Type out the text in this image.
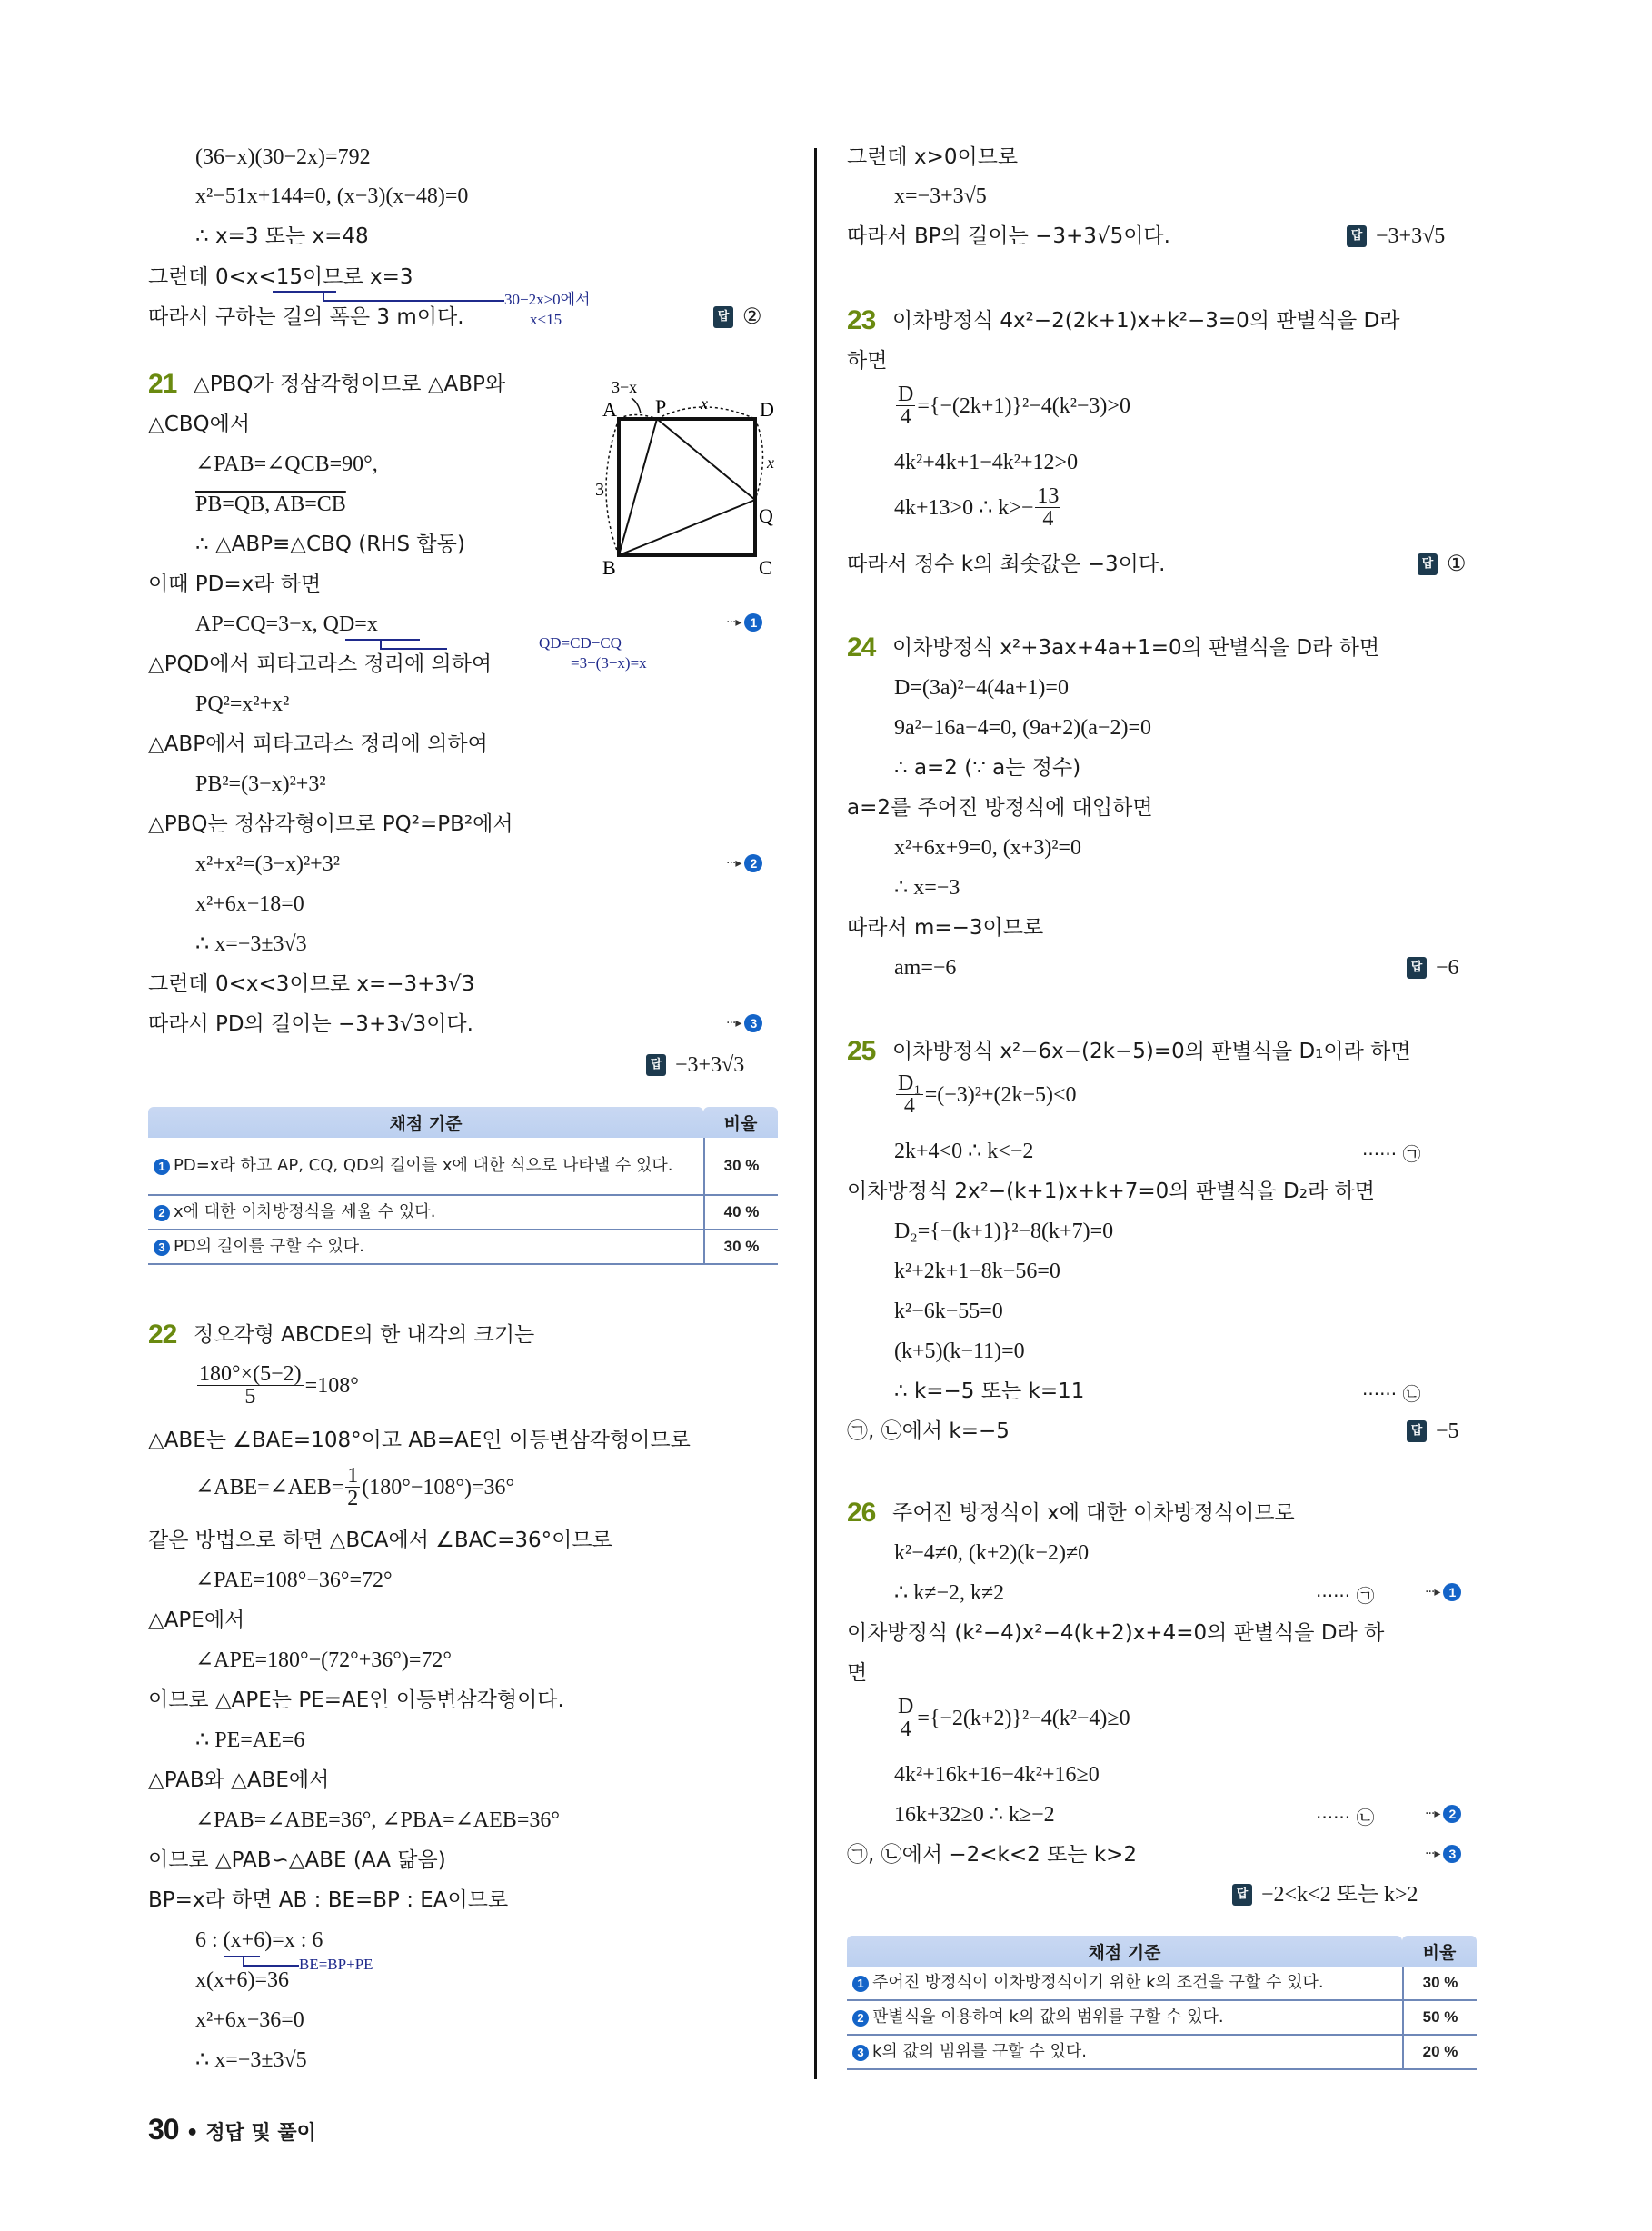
(36−x)(30−2x)=792
x²−51x+144=0, (x−3)(x−48)=0
∴ x=3 또는 x=48
그런데 0<x<15이므로 x=3
30−2x>0에서
x<15
따라서 구하는 길의 폭은 3 m이다.	답 ②
21 △PBQ가 정삼각형이므로 △ABP와
△CBQ에서
∠PAB=∠QCB=90°,
PB=QB, AB=CB
∴ △ABP≡△CBQ (RHS 합동)
이때 PD=x라 하면
AP=CQ=3−x, QD=x
QD=CD−CQ
=3−(3−x)=x
···▸ 1
△PQD에서 피타고라스 정리에 의하여
PQ²=x²+x²
△ABP에서 피타고라스 정리에 의하여
PB²=(3−x)²+3²
△PBQ는 정삼각형이므로 PQ²=PB²에서
x²+x²=(3−x)²+3²	···▸ 2
x²+6x−18=0
∴ x=−3±3√3
그런데 0<x<3이므로 x=−3+3√3
따라서 PD의 길이는 −3+3√3이다.	···▸ 3
답 −3+3√3
A
B	C
D
P
Q
3
3−x
x
x
채점 기준	비율
1 PD=x라 하고 AP, CQ, QD의 길이를 x에 대한 식으로 나타낼 수 있다.	30 %
2 x에 대한 이차방정식을 세울 수 있다.	40 %
3 PD의 길이를 구할 수 있다.	30 %
22 정오각형 ABCDE의 한 내각의 크기는
$\frac{180^\circ\times(5-2)}{5} =108^\circ$
△ABE는 ∠BAE=108°이고 AB=AE인 이등변삼각형이므로
∠ABE=∠AEB= $\frac{1}{2} (180^\circ-108^\circ)=36^\circ$
같은 방법으로 하면 △BCA에서 ∠BAC=36°이므로
∠PAE=108°−36°=72°
△APE에서
∠APE=180°−(72°+36°)=72°
이므로 △APE는 PE=AE인 이등변삼각형이다.
∴ PE=AE=6
△PAB와 △ABE에서
∠PAB=∠ABE=36°, ∠PBA=∠AEB=36°
이므로 △PAB∽△ABE (AA 닮음)
BP=x라 하면 AB : BE=BP : EA이므로
6 : (x+6)=x : 6
BE=BP+PE
x(x+6)=36
x²+6x−36=0
∴ x=−3±3√5
그런데 x>0이므로
x=−3+3√5
따라서 BP의 길이는 −3+3√5이다.	답 −3+3√5
23 이차방정식 4x²−2(2k+1)x+k²−3=0의 판별식을 D라
하면
$\frac{D}{4} =\{-(2k+1)\}^2-4(k^2-3)>0$
4k²+4k+1−4k²+12>0
4k+13>0 ∴ $k>- \frac{13}{4}$
따라서 정수 k의 최솟값은 −3이다.	답 ①
24 이차방정식 x²+3ax+4a+1=0의 판별식을 D라 하면
D=(3a)²−4(4a+1)=0
9a²−16a−4=0, (9a+2)(a−2)=0
∴ a=2 (∵ a는 정수)
a=2를 주어진 방정식에 대입하면
x²+6x+9=0, (x+3)²=0
∴ x=−3
따라서 m=−3이므로
am=−6	답 −6
25 이차방정식 x²−6x−(2k−5)=0의 판별식을 D₁이라 하면
$\frac{\text{D₁}}{4} =(-3)^2+(2k-5)<0$
2k+4<0 ∴ k<−2	······ ㉠
이차방정식 2x²−(k+1)x+k+7=0의 판별식을 D₂라 하면
D₂={−(k+1)}²−8(k+7)=0
k²+2k+1−8k−56=0
k²−6k−55=0
(k+5)(k−11)=0
∴ k=−5 또는 k=11	······ ㉡
㉠, ㉡에서 k=−5	답 −5
26 주어진 방정식이 x에 대한 이차방정식이므로
k²−4≠0, (k+2)(k−2)≠0
∴ k≠−2, k≠2	······ ㉠	···▸ 1
이차방정식 (k²−4)x²−4(k+2)x+4=0의 판별식을 D라 하
면
$\frac{D}{4} =\{-2(k+2)\}^2-4(k^2-4)\ge 0$
4k²+16k+16−4k²+16≥0
16k+32≥0 ∴ k≥−2	······ ㉡	···▸ 2
㉠, ㉡에서 −2<k<2 또는 k>2	···▸ 3
답 −2<k<2 또는 k>2
채점 기준	비율
1 주어진 방정식이 이차방정식이기 위한 k의 조건을 구할 수 있다.	30 %
2 판별식을 이용하여 k의 값의 범위를 구할 수 있다.	50 %
3 k의 값의 범위를 구할 수 있다.	20 %
30 • 정답 및 풀이
